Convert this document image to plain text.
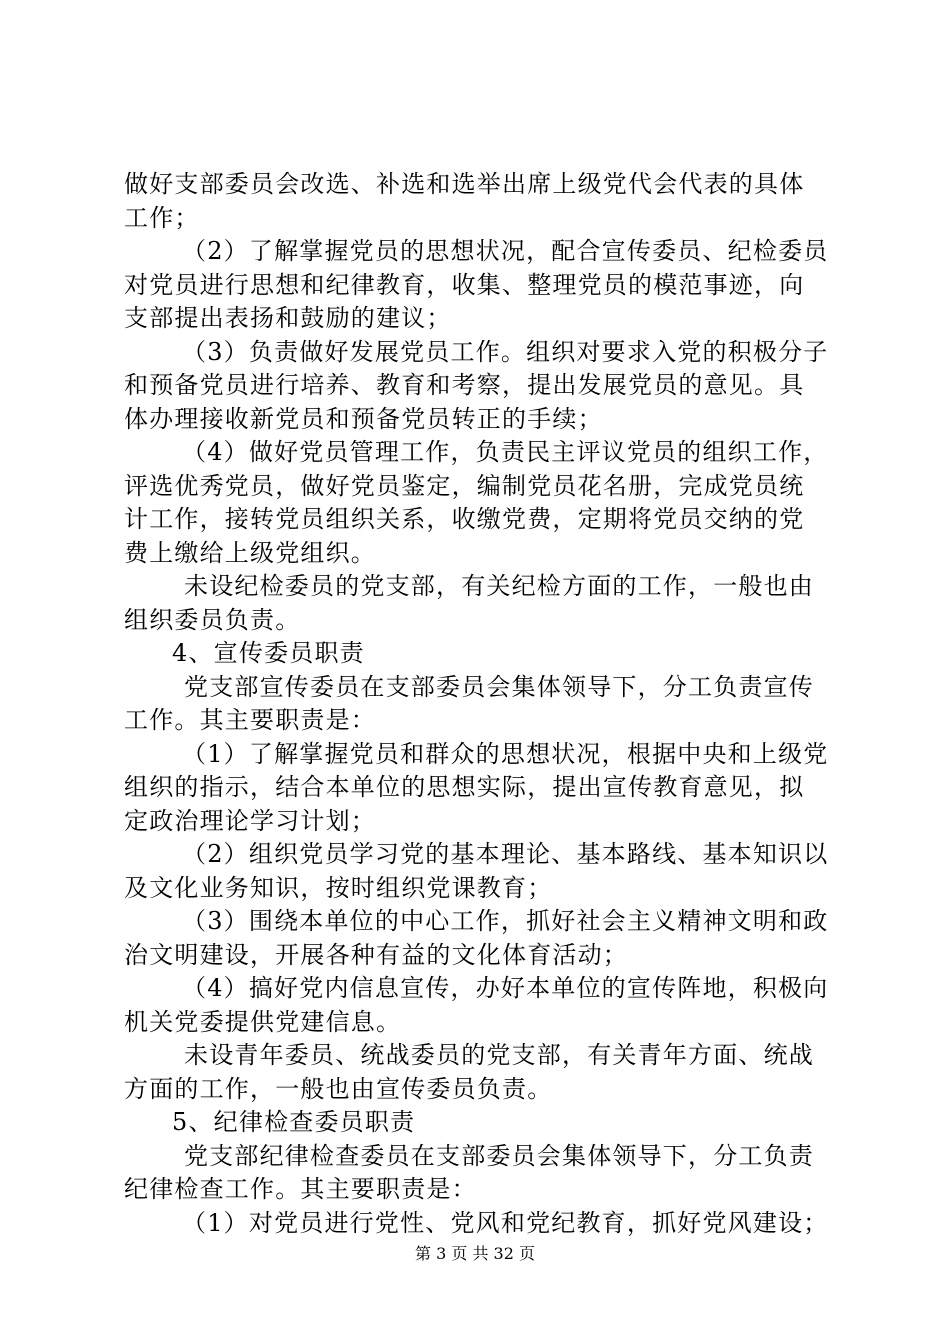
做好支部委员会改选、补选和选举出席上级党代会代表的具体
工作；
（2）了解掌握党员的思想状况，配合宣传委员、纪检委员
对党员进行思想和纪律教育，收集、整理党员的模范事迹，向
支部提出表扬和鼓励的建议；
（3）负责做好发展党员工作。组织对要求入党的积极分子
和预备党员进行培养、教育和考察，提出发展党员的意见。具
体办理接收新党员和预备党员转正的手续；
（4）做好党员管理工作，负责民主评议党员的组织工作，
评选优秀党员，做好党员鉴定，编制党员花名册，完成党员统
计工作，接转党员组织关系，收缴党费，定期将党员交纳的党
费上缴给上级党组织。
未设纪检委员的党支部，有关纪检方面的工作，一般也由
组织委员负责。
4、宣传委员职责
党支部宣传委员在支部委员会集体领导下，分工负责宣传
工作。其主要职责是：
（1）了解掌握党员和群众的思想状况，根据中央和上级党
组织的指示，结合本单位的思想实际，提出宣传教育意见，拟
定政治理论学习计划；
（2）组织党员学习党的基本理论、基本路线、基本知识以
及文化业务知识，按时组织党课教育；
（3）围绕本单位的中心工作，抓好社会主义精神文明和政
治文明建设，开展各种有益的文化体育活动；
（4）搞好党内信息宣传，办好本单位的宣传阵地，积极向
机关党委提供党建信息。
未设青年委员、统战委员的党支部，有关青年方面、统战
方面的工作，一般也由宣传委员负责。
5、纪律检查委员职责
党支部纪律检查委员在支部委员会集体领导下，分工负责
纪律检查工作。其主要职责是：
（1）对党员进行党性、党风和党纪教育，抓好党风建设；
第 3 页 共 32 页
